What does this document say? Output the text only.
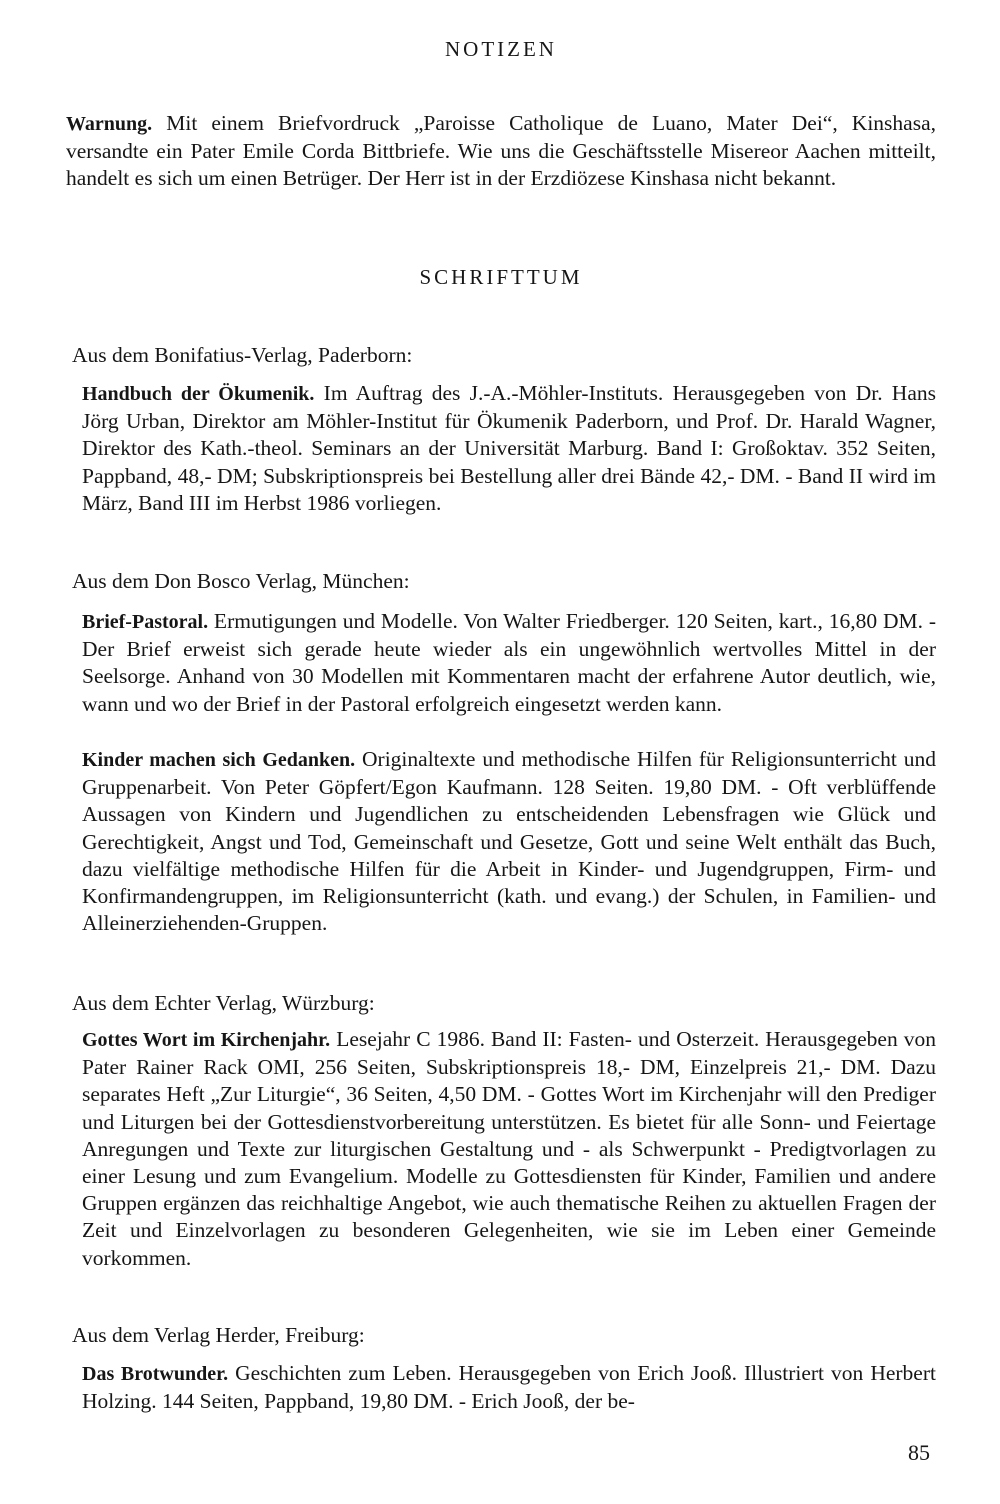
NOTIZEN

Warnung. Mit einem Briefvordruck „Paroisse Catholique de Luano, Mater Dei“, Kinshasa, versandte ein Pater Emile Corda Bittbriefe. Wie uns die Geschäftsstelle Misereor Aachen mitteilt, handelt es sich um einen Betrüger. Der Herr ist in der Erzdiözese Kinshasa nicht bekannt.

SCHRIFTTUM

Aus dem Bonifatius-Verlag, Paderborn:

Handbuch der Ökumenik. Im Auftrag des J.-A.-Möhler-Instituts. Herausgegeben von Dr. Hans Jörg Urban, Direktor am Möhler-Institut für Ökumenik Paderborn, und Prof. Dr. Harald Wagner, Direktor des Kath.-theol. Seminars an der Universität Marburg. Band I: Großoktav. 352 Seiten, Pappband, 48,- DM; Subskriptionspreis bei Bestellung aller drei Bände 42,- DM. - Band II wird im März, Band III im Herbst 1986 vorliegen.

Aus dem Don Bosco Verlag, München:

Brief-Pastoral. Ermutigungen und Modelle. Von Walter Friedberger. 120 Seiten, kart., 16,80 DM. - Der Brief erweist sich gerade heute wieder als ein ungewöhnlich wertvolles Mittel in der Seelsorge. Anhand von 30 Modellen mit Kommentaren macht der erfahrene Autor deutlich, wie, wann und wo der Brief in der Pastoral erfolgreich eingesetzt werden kann.

Kinder machen sich Gedanken. Originaltexte und methodische Hilfen für Religionsunterricht und Gruppenarbeit. Von Peter Göpfert/Egon Kaufmann. 128 Seiten. 19,80 DM. - Oft verblüffende Aussagen von Kindern und Jugendlichen zu entscheidenden Lebensfragen wie Glück und Gerechtigkeit, Angst und Tod, Gemeinschaft und Gesetze, Gott und seine Welt enthält das Buch, dazu vielfältige methodische Hilfen für die Arbeit in Kinder- und Jugendgruppen, Firm- und Konfirmandengruppen, im Religionsunterricht (kath. und evang.) der Schulen, in Familien- und Alleinerziehenden-Gruppen.

Aus dem Echter Verlag, Würzburg:

Gottes Wort im Kirchenjahr. Lesejahr C 1986. Band II: Fasten- und Osterzeit. Herausgegeben von Pater Rainer Rack OMI, 256 Seiten, Subskriptionspreis 18,- DM, Einzelpreis 21,- DM. Dazu separates Heft „Zur Liturgie“, 36 Seiten, 4,50 DM. - Gottes Wort im Kirchenjahr will den Prediger und Liturgen bei der Gottesdienstvorbereitung unterstützen. Es bietet für alle Sonn- und Feiertage Anregungen und Texte zur liturgischen Gestaltung und - als Schwerpunkt - Predigtvorlagen zu einer Lesung und zum Evangelium. Modelle zu Gottesdiensten für Kinder, Familien und andere Gruppen ergänzen das reichhaltige Angebot, wie auch thematische Reihen zu aktuellen Fragen der Zeit und Einzelvorlagen zu besonderen Gelegenheiten, wie sie im Leben einer Gemeinde vorkommen.

Aus dem Verlag Herder, Freiburg:

Das Brotwunder. Geschichten zum Leben. Herausgegeben von Erich Jooß. Illustriert von Herbert Holzing. 144 Seiten, Pappband, 19,80 DM. - Erich Jooß, der be-

85
